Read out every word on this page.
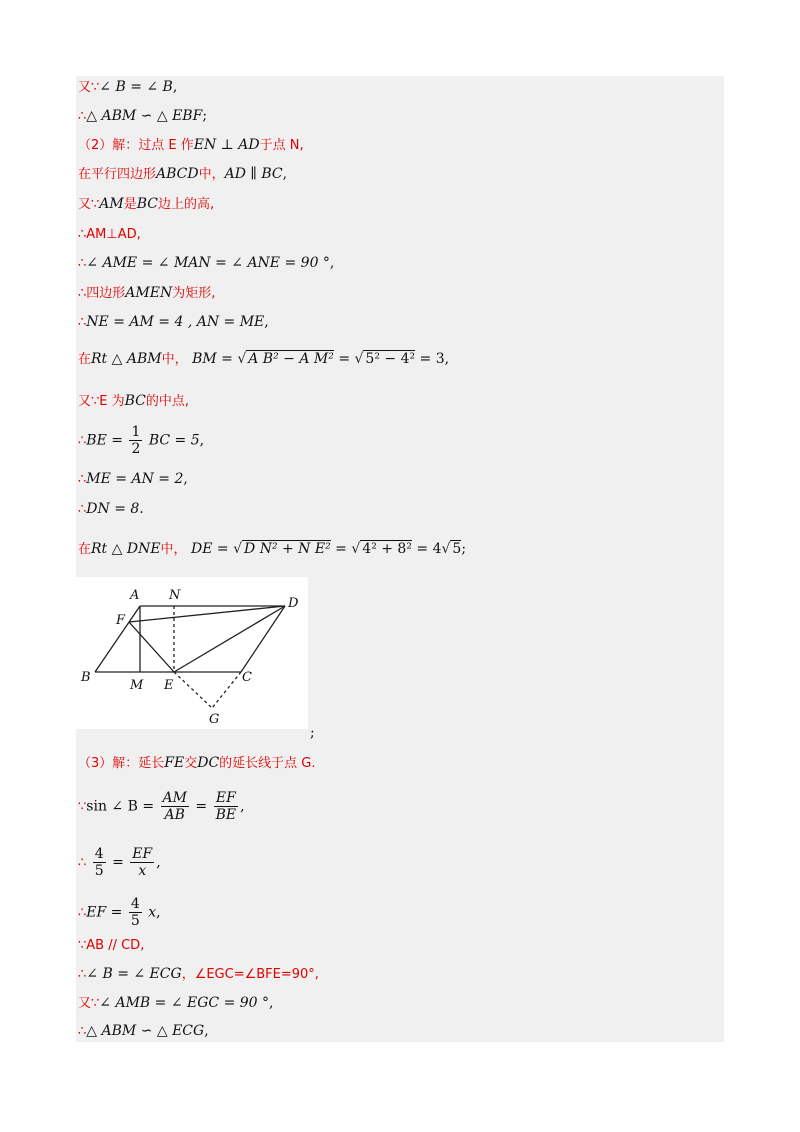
又∵∠ B = ∠ B,
∴△ ABM ∽ △ EBF;
（2）解：过点 E 作EN ⊥ AD于点 N,
在平行四边形ABCD中，AD ∥ BC,
又∵AM是BC边上的高,
∴AM⊥AD,
∴∠ AME = ∠ MAN = ∠ ANE = 90 °,
∴四边形AMEN为矩形,
∴NE = AM = 4 , AN = ME,
在Rt △ ABM中， BM = √ A B² − A M² = √ 5² − 4² = 3,
又∵E 为BC的中点,
∴BE = $\frac{1}{2}$ BC = 5,
∴ME = AN = 2,
∴DN = 8.
在Rt △ DNE中， DE = √ D N² + N E² = √ 4² + 8² = 4√ 5;
A N
D
F
B
M E
C
G
;
（3）解：延长FE交DC的延长线于点 G.
∵sin ∠ $B = \frac{AM}{AB} = \frac{EF}{BE}$ ,
∴ $\frac{4}{5} = \frac{EF}{x}$ ,
∴EF = $\frac{4}{5} x$,
∵AB // CD,
∴∠ B = ∠ ECG，∠EGC=∠BFE=90°,
又∵∠ AMB = ∠ EGC = 90 °,
∴△ ABM ∽ △ ECG,
